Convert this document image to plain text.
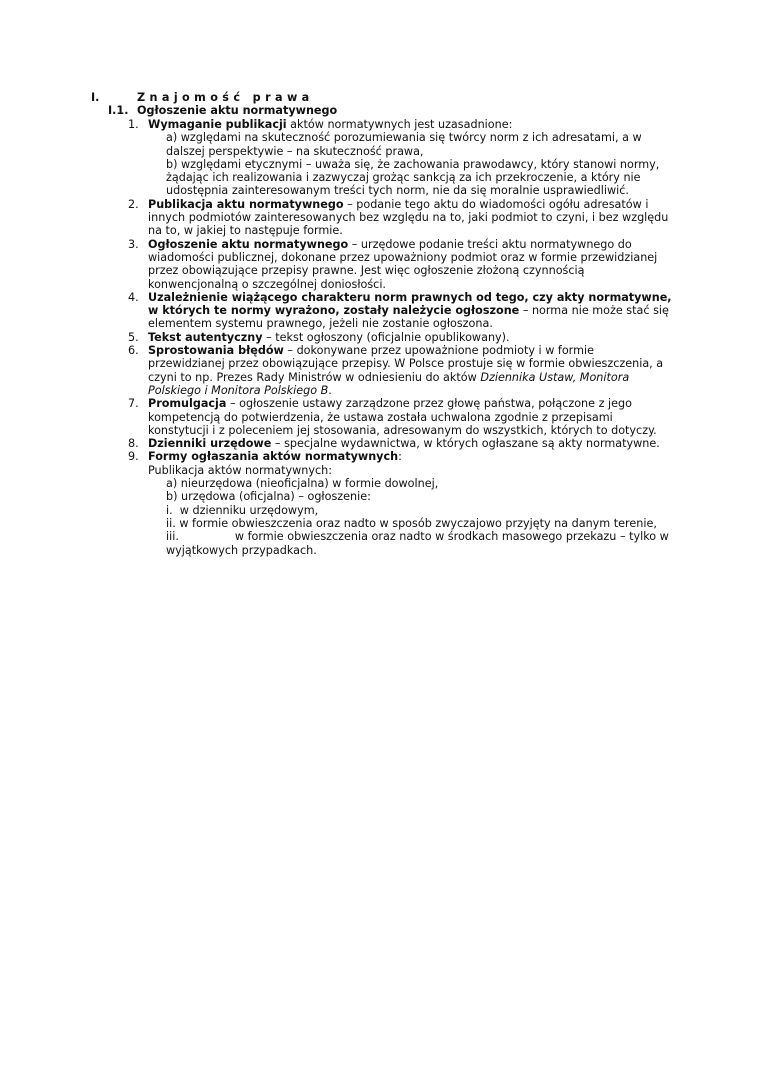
I.	Znajomość prawa
I.1. Ogłoszenie aktu normatywnego
1. Wymaganie publikacji aktów normatywnych jest uzasadnione:
a) względami na skuteczność porozumiewania się twórcy norm z ich adresatami, a w dalszej perspektywie – na skuteczność prawa,
b) względami etycznymi – uważa się, że zachowania prawodawcy, który stanowi normy, żądając ich realizowania i zazwyczaj grożąc sankcją za ich przekroczenie, a który nie udostępnia zainteresowanym treści tych norm, nie da się moralnie usprawiedliwić.
2. Publikacja aktu normatywnego – podanie tego aktu do wiadomości ogółu adresatów i innych podmiotów zainteresowanych bez względu na to, jaki podmiot to czyni, i bez względu na to, w jakiej to następuje formie.
3. Ogłoszenie aktu normatywnego – urzędowe podanie treści aktu normatywnego do wiadomości publicznej, dokonane przez upoważniony podmiot oraz w formie przewidzianej przez obowiązujące przepisy prawne. Jest więc ogłoszenie złożoną czynnością konwencjonalną o szczególnej doniosłości.
4. Uzależnienie wiążącego charakteru norm prawnych od tego, czy akty normatywne, w których te normy wyrażono, zostały należycie ogłoszone – norma nie może stać się elementem systemu prawnego, jeżeli nie zostanie ogłoszona.
5. Tekst autentyczny – tekst ogłoszony (oficjalnie opublikowany).
6. Sprostowania błędów – dokonywane przez upoważnione podmioty i w formie przewidzianej przez obowiązujące przepisy. W Polsce prostuje się w formie obwieszczenia, a czyni to np. Prezes Rady Ministrów w odniesieniu do aktów Dziennika Ustaw, Monitora Polskiego i Monitora Polskiego B.
7. Promulgacja – ogłoszenie ustawy zarządzone przez głowę państwa, połączone z jego kompetencją do potwierdzenia, że ustawa została uchwalona zgodnie z przepisami konstytucji i z poleceniem jej stosowania, adresowanym do wszystkich, których to dotyczy.
8. Dzienniki urzędowe – specjalne wydawnictwa, w których ogłaszane są akty normatywne.
9. Formy ogłaszania aktów normatywnych:
Publikacja aktów normatywnych:
a) nieurzędowa (nieoficjalna) w formie dowolnej,
b) urzędowa (oficjalna) – ogłoszenie:
i. w dzienniku urzędowym,
ii. w formie obwieszczenia oraz nadto w sposób zwyczajowo przyjęty na danym terenie,
iii.	w formie obwieszczenia oraz nadto w środkach masowego przekazu – tylko w wyjątkowych przypadkach.
